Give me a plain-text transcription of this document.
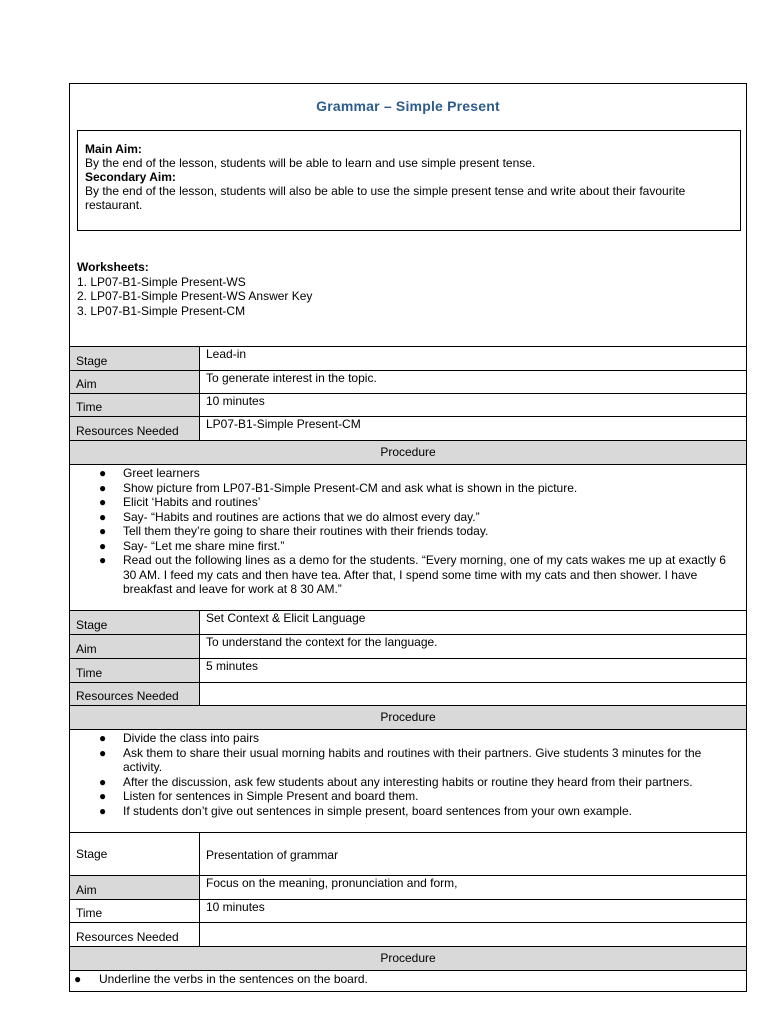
Grammar – Simple Present
Main Aim:
By the end of the lesson, students will be able to learn and use simple present tense.
Secondary Aim:
By the end of the lesson, students will also be able to use the simple present tense and write about their favourite restaurant.
Worksheets:
1. LP07-B1-Simple Present-WS
2. LP07-B1-Simple Present-WS Answer Key
3. LP07-B1-Simple Present-CM
Stage	Lead-in
Aim	To generate interest in the topic.
Time	10 minutes
Resources Needed	LP07-B1-Simple Present-CM
Procedure
● Greet learners
● Show picture from LP07-B1-Simple Present-CM and ask what is shown in the picture.
● Elicit ‘Habits and routines’
● Say- “Habits and routines are actions that we do almost every day.”
● Tell them they’re going to share their routines with their friends today.
● Say- “Let me share mine first.”
● Read out the following lines as a demo for the students. “Every morning, one of my cats wakes me up at exactly 6 30 AM. I feed my cats and then have tea. After that, I spend some time with my cats and then shower. I have breakfast and leave for work at 8 30 AM.”
Stage	Set Context & Elicit Language
Aim	To understand the context for the language.
Time	5 minutes
Resources Needed
Procedure
● Divide the class into pairs
● Ask them to share their usual morning habits and routines with their partners. Give students 3 minutes for the activity.
● After the discussion, ask few students about any interesting habits or routine they heard from their partners.
● Listen for sentences in Simple Present and board them.
● If students don’t give out sentences in simple present, board sentences from your own example.
Stage	Presentation of grammar
Aim	Focus on the meaning, pronunciation and form,
Time	10 minutes
Resources Needed
Procedure
● Underline the verbs in the sentences on the board.
